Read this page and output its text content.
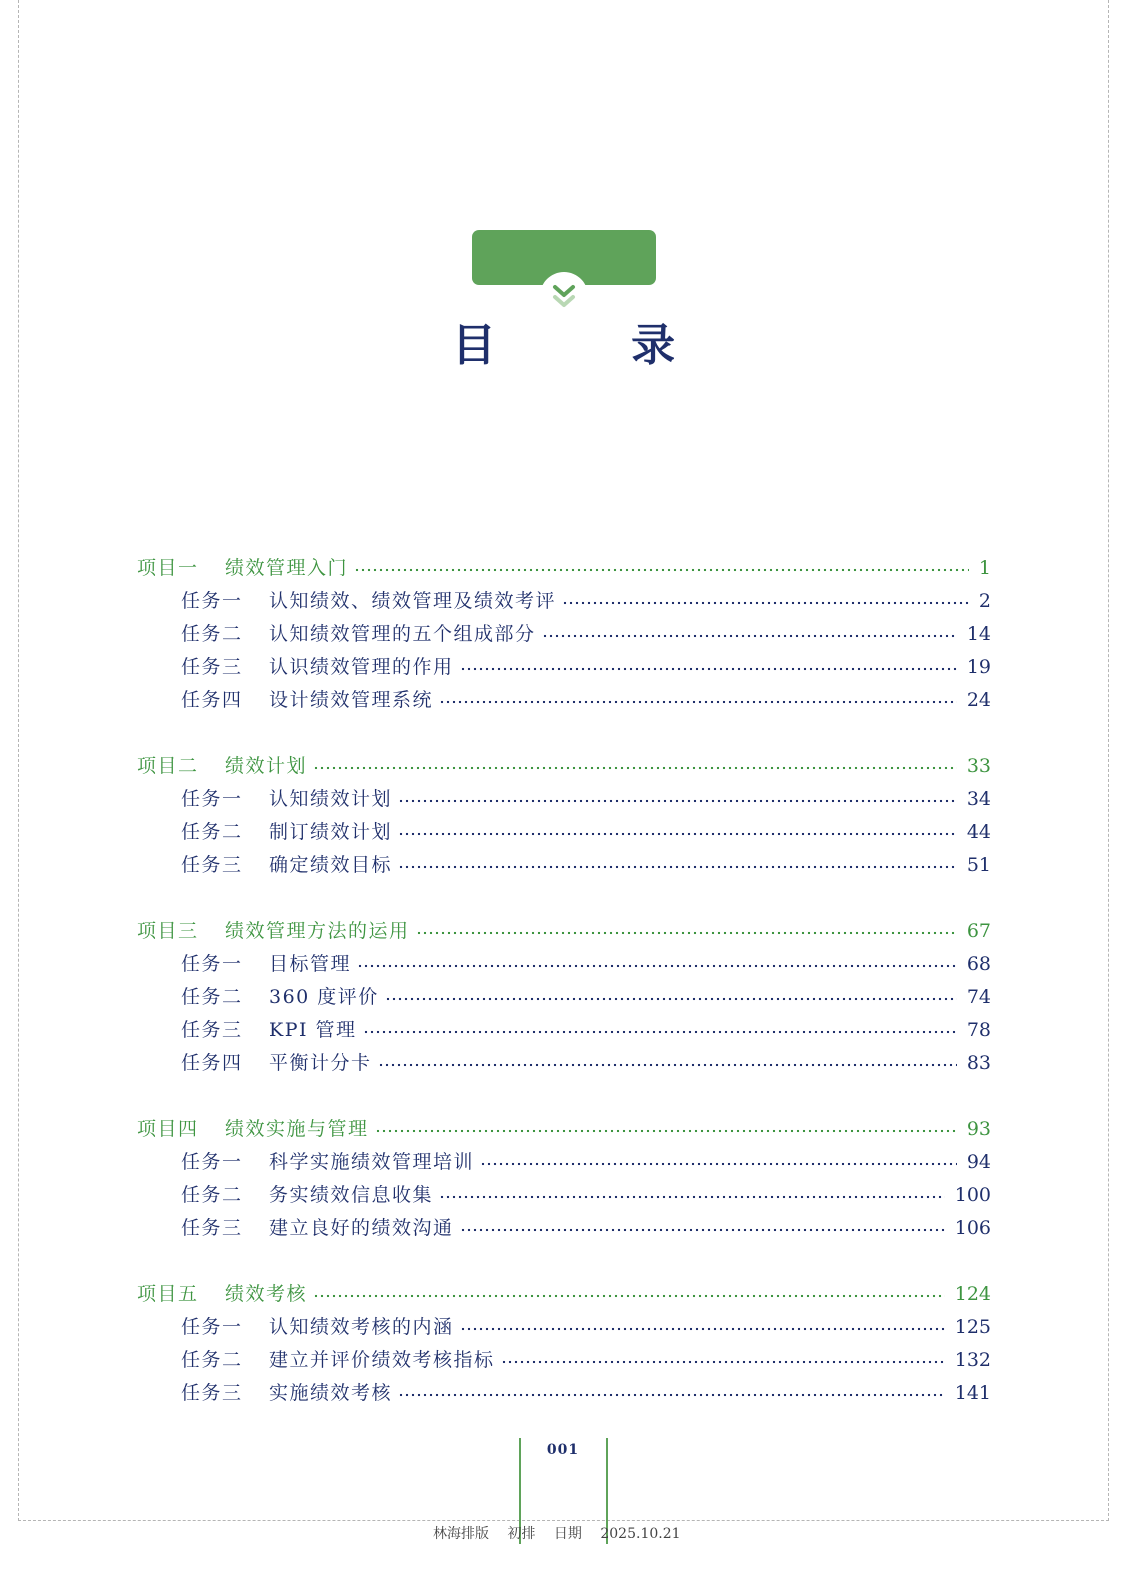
目 录
项目一	绩效管理入门	1
任务一	认知绩效、绩效管理及绩效考评	2
任务二	认知绩效管理的五个组成部分	14
任务三	认识绩效管理的作用	19
任务四	设计绩效管理系统	24
项目二	绩效计划	33
任务一	认知绩效计划	34
任务二	制订绩效计划	44
任务三	确定绩效目标	51
项目三	绩效管理方法的运用	67
任务一	目标管理	68
任务二	360 度评价	74
任务三	KPI 管理	78
任务四	平衡计分卡	83
项目四	绩效实施与管理	93
任务一	科学实施绩效管理培训	94
任务二	务实绩效信息收集	100
任务三	建立良好的绩效沟通	106
项目五	绩效考核	124
任务一	认知绩效考核的内涵	125
任务二	建立并评价绩效考核指标	132
任务三	实施绩效考核	141
001
林海排版 初排 日期 2025.10.21
